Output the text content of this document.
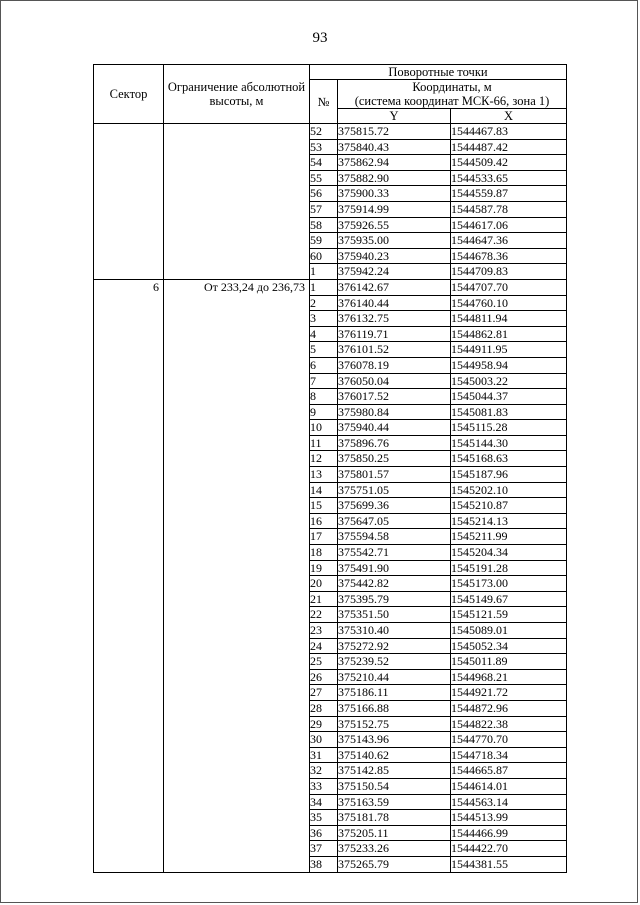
93
Сектор	Ограничение абсолютной высоты, м	Поворотные точки		
		№	Координаты, м
(система координат МСК-66, зона 1)	
			Y	X
		52	375815.72	1544467.83
		53	375840.43	1544487.42
		54	375862.94	1544509.42
		55	375882.90	1544533.65
		56	375900.33	1544559.87
		57	375914.99	1544587.78
		58	375926.55	1544617.06
		59	375935.00	1544647.36
		60	375940.23	1544678.36
		1	375942.24	1544709.83
6	От 233,24 до 236,73	1	376142.67	1544707.70
		2	376140.44	1544760.10
		3	376132.75	1544811.94
		4	376119.71	1544862.81
		5	376101.52	1544911.95
		6	376078.19	1544958.94
		7	376050.04	1545003.22
		8	376017.52	1545044.37
		9	375980.84	1545081.83
		10	375940.44	1545115.28
		11	375896.76	1545144.30
		12	375850.25	1545168.63
		13	375801.57	1545187.96
		14	375751.05	1545202.10
		15	375699.36	1545210.87
		16	375647.05	1545214.13
		17	375594.58	1545211.99
		18	375542.71	1545204.34
		19	375491.90	1545191.28
		20	375442.82	1545173.00
		21	375395.79	1545149.67
		22	375351.50	1545121.59
		23	375310.40	1545089.01
		24	375272.92	1545052.34
		25	375239.52	1545011.89
		26	375210.44	1544968.21
		27	375186.11	1544921.72
		28	375166.88	1544872.96
		29	375152.75	1544822.38
		30	375143.96	1544770.70
		31	375140.62	1544718.34
		32	375142.85	1544665.87
		33	375150.54	1544614.01
		34	375163.59	1544563.14
		35	375181.78	1544513.99
		36	375205.11	1544466.99
		37	375233.26	1544422.70
		38	375265.79	1544381.55
